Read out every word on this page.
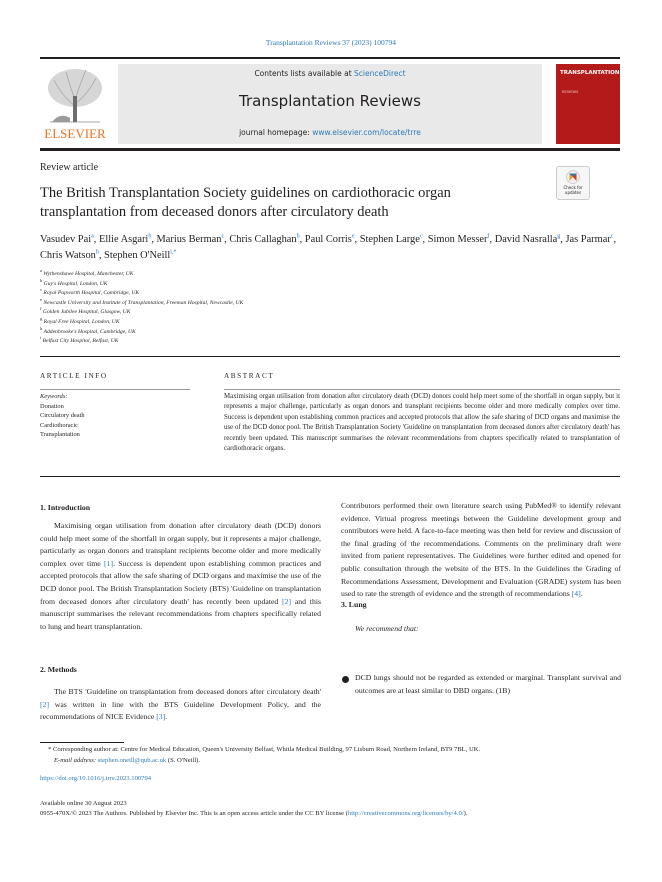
Transplantation Reviews 37 (2023) 100794
ELSEVIER
Contents lists available at ScienceDirect
Transplantation Reviews
journal homepage: www.elsevier.com/locate/trre
TRANSPLANTATION
REVIEWS
Review article
The British Transplantation Society guidelines on cardiothoracic organ transplantation from deceased donors after circulatory death
Check for updates
Vasudev Pai$^a$, Ellie Asgari$^b$, Marius Berman$^c$, Chris Callaghan$^b$, Paul Corris$^e$, Stephen Large$^c$, Simon Messer$^f$, David Nasralla$^g$, Jas Parmar$^c$, Chris Watson$^h$, Stephen O'Neill$^{i,*}$
$^a$ Wythenshawe Hospital, Manchester, UK
$^b$ Guy's Hospital, London, UK
$^c$ Royal Papworth Hospital, Cambridge, UK
$^e$ Newcastle University and Institute of Transplantation, Freeman Hospital, Newcastle, UK
$^f$ Golden Jubilee Hospital, Glasgow, UK
$^g$ Royal Free Hospital, London, UK
$^h$ Addenbrooke's Hospital, Cambridge, UK
$^i$ Belfast City Hospital, Belfast, UK
ARTICLE INFO
Keywords:
Donation
Circulatory death
Cardiothoracic
Transplantation
ABSTRACT
Maximising organ utilisation from donation after circulatory death (DCD) donors could help meet some of the shortfall in organ supply, but it represents a major challenge, particularly as organ donors and transplant recipients become older and more medically complex over time. Success is dependent upon establishing common practices and accepted protocols that allow the safe sharing of DCD organs and maximise the use of the DCD donor pool. The British Transplantation Society 'Guideline on transplantation from deceased donors after circulatory death' has recently been updated. This manuscript summarises the relevant recommendations from chapters specifically related to transplantation of cardiothoracic organs.
1. Introduction

Maximising organ utilisation from donation after circulatory death (DCD) donors could help meet some of the shortfall in organ supply, but it represents a major challenge, particularly as organ donors and transplant recipients become older and more medically complex over time [1]. Success is dependent upon establishing common practices and accepted protocols that allow the safe sharing of DCD organs and maximise the use of the DCD donor pool. The British Transplantation Society (BTS) 'Guideline on transplantation from deceased donors after circulatory death' has recently been updated [2] and this manuscript summarises the relevant recommendations from chapters specifically related to lung and heart transplantation.

2. Methods

The BTS 'Guideline on transplantation from deceased donors after circulatory death' [2] was written in line with the BTS Guideline Development Policy, and the recommendations of NICE Evidence [3].

Contributors performed their own literature search using PubMed® to identify relevant evidence. Virtual progress meetings between the Guideline development group and contributors were held. A face-to-face meeting was then held for review and discussion of the final grading of the recommendations. Comments on the preliminary draft were invited from patient representatives. The Guidelines were further edited and opened for public consultation through the website of the BTS. In the Guidelines the Grading of Recommendations Assessment, Development and Evaluation (GRADE) system has been used to rate the strength of evidence and the strength of recommendations [4].

3. Lung
We recommend that:
DCD lungs should not be regarded as extended or marginal. Transplant survival and outcomes are at least similar to DBD organs. (1B)
* Corresponding author at: Centre for Medical Education, Queen's University Belfast, Whitla Medical Building, 97 Lisburn Road, Northern Ireland, BT9 7BL, UK.
E-mail address: stephen.oneill@qub.ac.uk (S. O'Neill).
https://doi.org/10.1016/j.trre.2023.100794
Available online 30 August 2023
0955-470X/© 2023 The Authors. Published by Elsevier Inc. This is an open access article under the CC BY license (http://creativecommons.org/licenses/by/4.0/).
